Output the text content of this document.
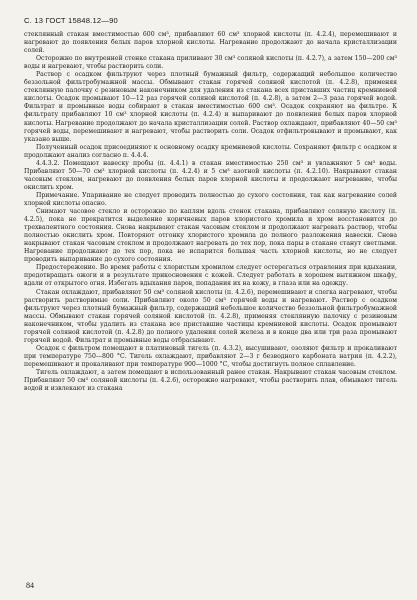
С. 13 ГОСТ 15848.12—90
стеклянный стакан вместимостью 600 см³, прибавляют 60 см³ хлорной кислоты (п. 4.2.4), перемешивают и нагревают до появления белых паров хлорной кислоты. Нагревание продолжают до начала кристаллизации солей.
Осторожно по внутренней стенке стакана приливают 30 см³ соляной кислоты (п. 4.2.7), а затем 150—200 см³ воды и нагревают, чтобы растворить соли.
Раствор с осадком фильтруют через плотный бумажный фильтр, содержащий небольшое количество беззольной фильтробумажной массы. Обмывают стакан горячей соляной кислотой (п. 4.2.8), применяя стеклянную палочку с резиновым наконечником для удаления из стакана всех приставших частиц кремниевой кислоты. Осадок промывают 10—12 раз горячей соляной кислотой (п. 4.2.8), а затем 2—3 раза горячей водой. Фильтрат и промывные воды собирают в стакан вместимостью 600 см³. Осадок сохраняют на фильтре. К фильтрату прибавляют 10 см³ хлорной кислоты (п. 4.2.4) и выпаривают до появления белых паров хлорной кислоты. Нагревание продолжают до начала кристаллизации солей. Раствор охлаждают, прибавляют 40—50 см³ горячей воды, перемешивают и нагревают, чтобы растворить соли. Осадок отфильтровывают и промывают, как указано выше.
Полученный осадок присоединяют к основному осадку кремниевой кислоты. Сохраняют фильтр с осадком и продолжают анализ согласно п. 4.4.4.
4.4.3.2. Помещают навеску пробы (п. 4.4.1) в стакан вместимостью 250 см³ и увлажняют 5 см³ воды. Прибавляют 50—70 см³ хлорной кислоты (п. 4.2.4) и 5 см³ азотной кислоты (п. 4.2.10). Накрывают стакан часовым стеклом, нагревают до появления белых паров хлорной кислоты и продолжают нагревание, чтобы окислить хром.
Примечание. Упаривание не следует проводить полностью до сухого состояния, так как нагревание солей хлорной кислоты опасно.
Снимают часовое стекло и осторожно по каплям вдоль стенок стакана, прибавляют соляную кислоту (п. 4.2.5), пока не прекратится выделение коричневых паров хлористого хромила и хром восстановится до трехвалентного состояния. Снова накрывают стакан часовым стеклом и продолжают нагревать раствор, чтобы полностью окислить хром. Повторяют отгонку хлористого хромила до полного разложения навески. Снова накрывают стакан часовым стеклом и продолжают нагревать до тех пор, пока пары в стакане станут светлыми. Нагревание продолжают до тех пор, пока не испарится большая часть хлорной кислоты, но не следует проводить выпаривание до сухого состояния.
Предостережение. Во время работы с хлористым хромилом следует остерегаться отравления при вдыхании, предотвращать ожоги и в результате прикосновения с кожей. Следует работать в хорошем вытяжном шкафу, вдали от открытого огня. Избегать вдыхания паров, попадания их на кожу, в глаза или на одежду.
Стакан охлаждают, прибавляют 50 см³ соляной кислоты (п. 4.2.6), перемешивают и слегка нагревают, чтобы растворить растворимые соли. Прибавляют около 50 см³ горячей воды и нагревают. Раствор с осадком фильтруют через плотный бумажный фильтр, содержащий небольшое количество беззольной фильтробумажной массы. Обмывают стакан горячей соляной кислотой (п. 4.2.8), применяя стеклянную палочку с резиновым наконечником, чтобы удалить из стакана все приставшие частицы кремниевой кислоты. Осадок промывают горячей соляной кислотой (п. 4.2.8) до полного удаления солей железа и в конце два или три раза промывают горячей водой. Фильтрат и промывные воды отбрасывают.
Осадок с фильтром помещают в платиновый тигель (п. 4.3.2), высушивают, озоляют фильтр и прокаливают при температуре 750—800 °С. Тигель охлаждают, прибавляют 2—3 г безводного карбоната натрия (п. 4.2.2), перемешивают и прокаливают при температуре 900—1000 °С, чтобы достигнуть полное сплавление.
Тигель охлаждают, а затем помещают в использованный ранее стакан. Накрывают стакан часовым стеклом. Прибавляют 50 см³ соляной кислоты (п. 4.2.6), осторожно нагревают, чтобы растворить плав, обмывают тигель водой и извлекают из стакана
84
